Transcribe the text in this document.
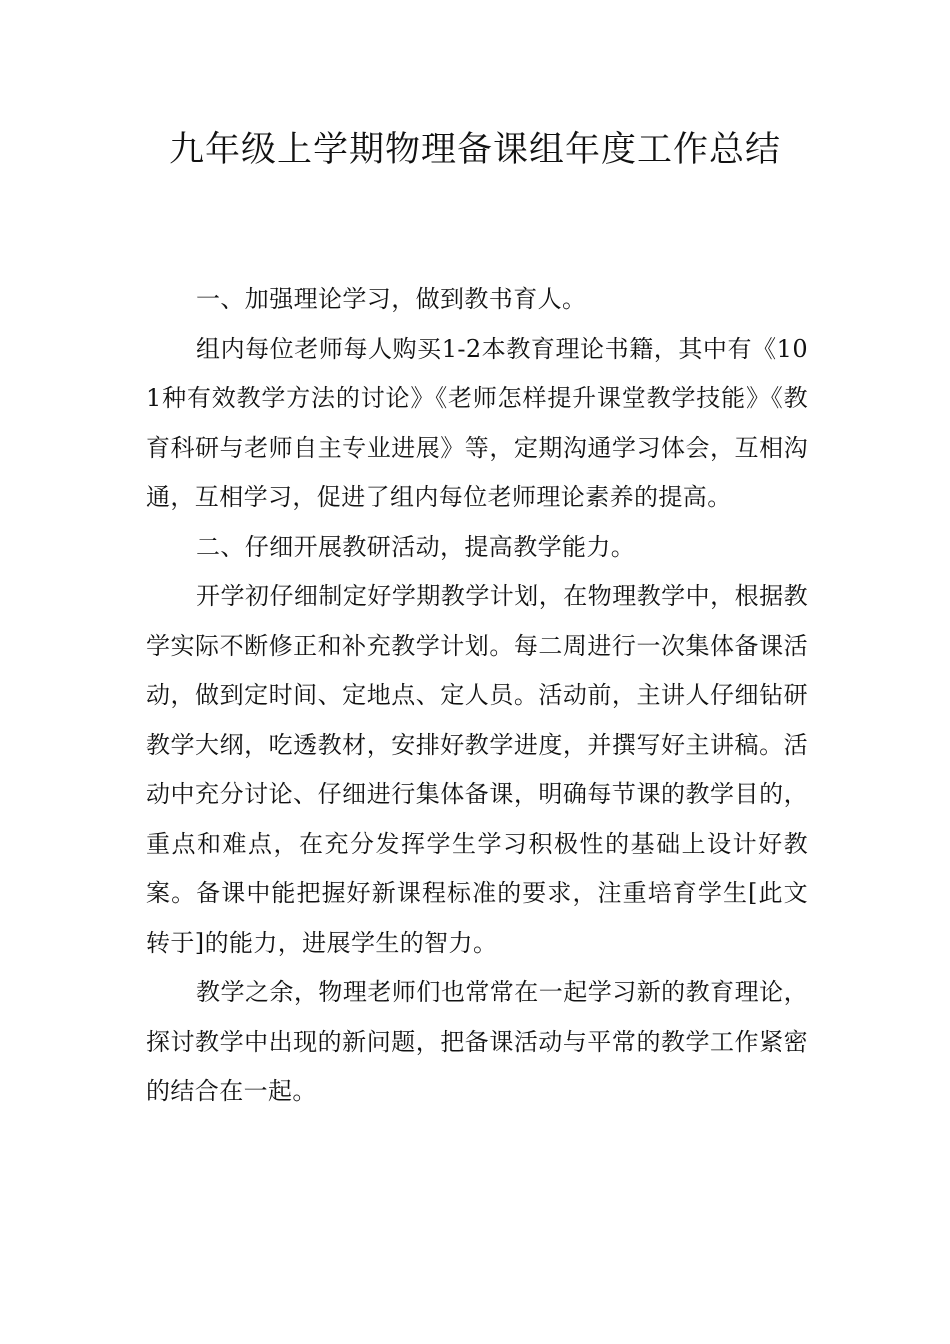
九年级上学期物理备课组年度工作总结

一、加强理论学习，做到教书育人。

组内每位老师每人购买1-2本教育理论书籍，其中有《101种有效教学方法的讨论》《老师怎样提升课堂教学技能》《教育科研与老师自主专业进展》等，定期沟通学习体会，互相沟通，互相学习，促进了组内每位老师理论素养的提高。

二、仔细开展教研活动，提高教学能力。

开学初仔细制定好学期教学计划，在物理教学中，根据教学实际不断修正和补充教学计划。每二周进行一次集体备课活动，做到定时间、定地点、定人员。活动前，主讲人仔细钻研教学大纲，吃透教材，安排好教学进度，并撰写好主讲稿。活动中充分讨论、仔细进行集体备课，明确每节课的教学目的，重点和难点，在充分发挥学生学习积极性的基础上设计好教案。备课中能把握好新课程标准的要求，注重培育学生[此文转于]的能力，进展学生的智力。

教学之余，物理老师们也常常在一起学习新的教育理论，探讨教学中出现的新问题，把备课活动与平常的教学工作紧密的结合在一起。
